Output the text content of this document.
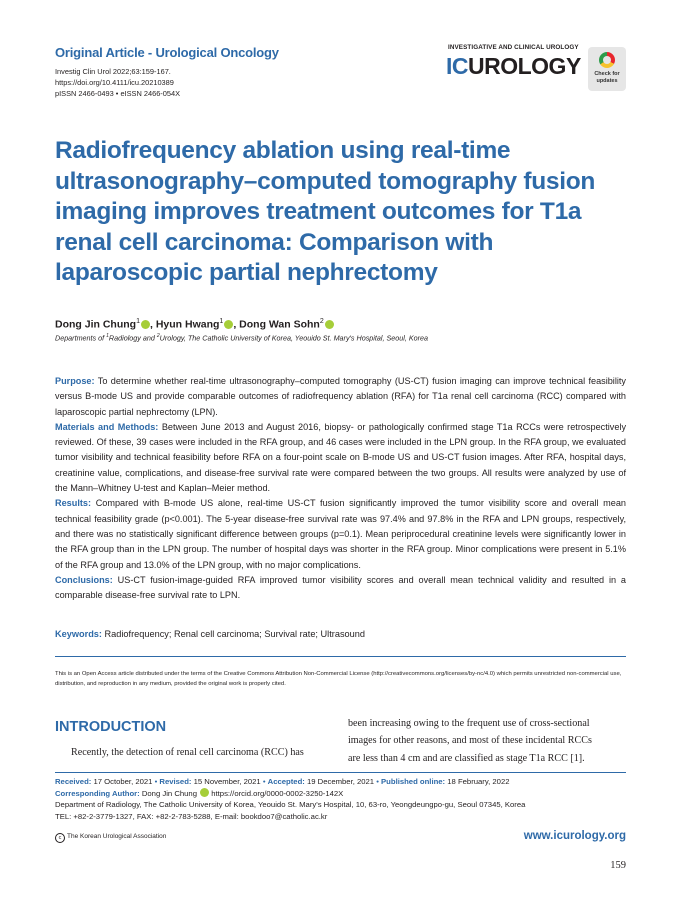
Original Article - Urological Oncology
Investig Clin Urol 2022;63:159-167.
https://doi.org/10.4111/icu.20210389
pISSN 2466-0493 • eISSN 2466-054X
INVESTIGATIVE AND CLINICAL UROLOGY
ICUROLOGY	Check for
updates
Radiofrequency ablation using real-time ultrasonography–computed tomography fusion imaging improves treatment outcomes for T1a renal cell carcinoma: Comparison with laparoscopic partial nephrectomy
Dong Jin Chung$^1$ , Hyun Hwang$^1$ , Dong Wan Sohn$^2$
Departments of $^1$Radiology and $^2$Urology, The Catholic University of Korea, Yeouido St. Mary's Hospital, Seoul, Korea

Purpose: To determine whether real-time ultrasonography–computed tomography (US-CT) fusion imaging can improve technical feasibility versus B-mode US and provide comparable outcomes of radiofrequency ablation (RFA) for T1a renal cell carcinoma (RCC) compared with laparoscopic partial nephrectomy (LPN).

Materials and Methods: Between June 2013 and August 2016, biopsy- or pathologically confirmed stage T1a RCCs were retrospectively reviewed. Of these, 39 cases were included in the RFA group, and 46 cases were included in the LPN group. In the RFA group, we evaluated tumor visibility and technical feasibility before RFA on a four-point scale on B-mode US and US-CT fusion images. After RFA, hospital days, creatinine value, complications, and disease-free survival rate were compared between the two groups. All results were analyzed by use of the Mann–Whitney U-test and Kaplan–Meier method.

Results: Compared with B-mode US alone, real-time US-CT fusion significantly improved the tumor visibility score and overall mean technical feasibility grade (p<0.001). The 5-year disease-free survival rate was 97.4% and 97.8% in the RFA and LPN groups, respectively, and there was no statistically significant difference between groups (p=0.1). Mean periprocedural creatinine levels were significantly lower in the RFA group than in the LPN group. The number of hospital days was shorter in the RFA group. Minor complications were present in 5.1% of the RFA group and 13.0% of the LPN group, with no major complications.

Conclusions: US-CT fusion-image-guided RFA improved tumor visibility scores and overall mean technical validity and resulted in a comparable disease-free survival rate to LPN.

Keywords: Radiofrequency; Renal cell carcinoma; Survival rate; Ultrasound
This is an Open Access article distributed under the terms of the Creative Commons Attribution Non-Commercial License (http://creativecommons.org/licenses/by-nc/4.0) which permits unrestricted non-commercial use, distribution, and reproduction in any medium, provided the original work is properly cited.
INTRODUCTION
Recently, the detection of renal cell carcinoma (RCC) has
been increasing owing to the frequent use of cross-sectional
images for other reasons, and most of these incidental RCCs
are less than 4 cm and are classified as stage T1a RCC [1].
Received: 17 October, 2021 • Revised: 15 November, 2021 • Accepted: 19 December, 2021 • Published online: 18 February, 2022
Corresponding Author: Dong Jin Chung  https://orcid.org/0000-0002-3250-142X
Department of Radiology, The Catholic University of Korea, Yeouido St. Mary's Hospital, 10, 63-ro, Yeongdeungpo-gu, Seoul 07345, Korea
TEL: +82-2-3779-1327, FAX: +82-2-783-5288, E-mail: bookdoo7@catholic.ac.kr
c The Korean Urological Association	www.icurology.org
159
